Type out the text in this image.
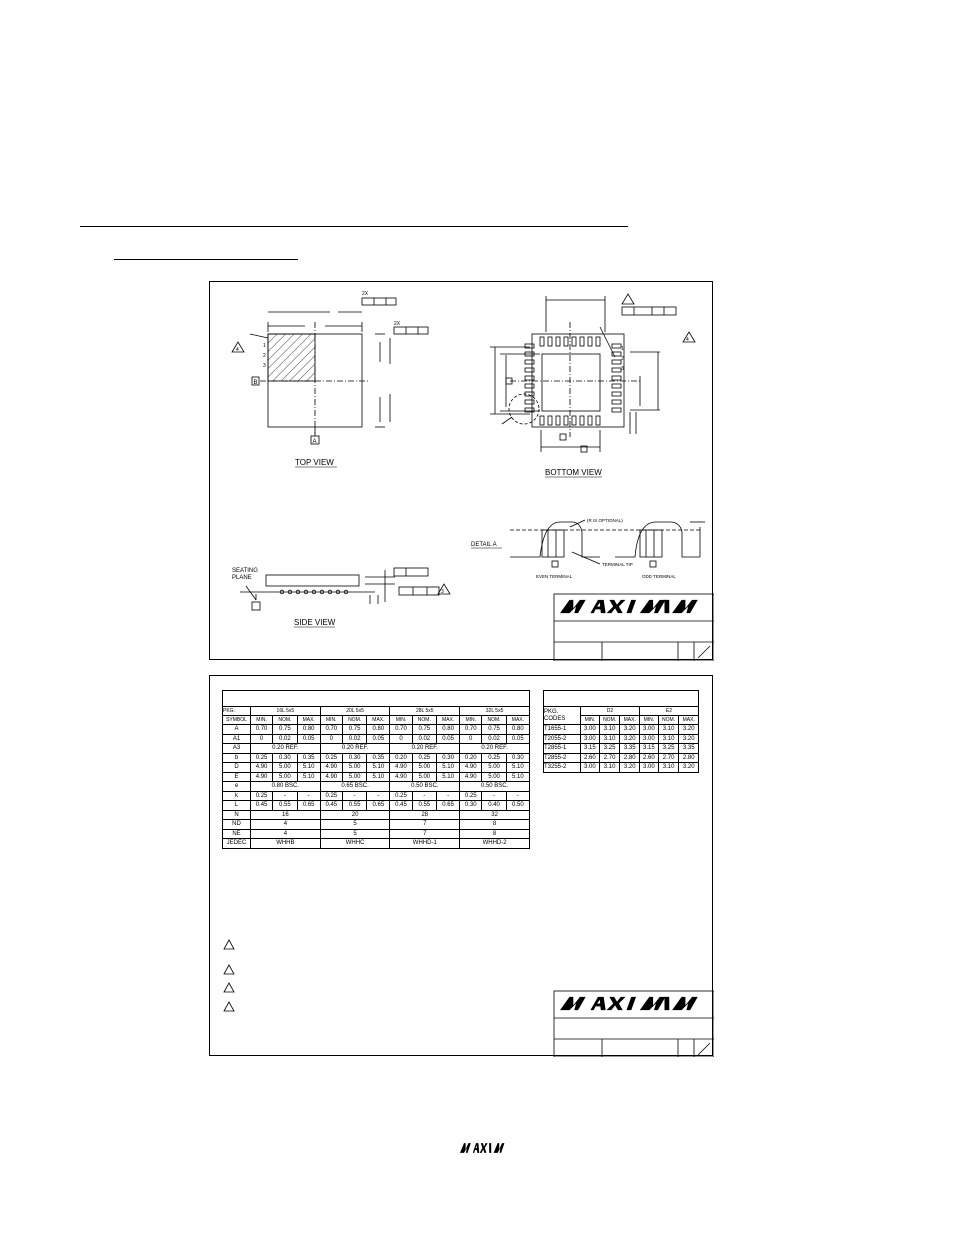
TOP VIEW
BOTTOM VIEW
SIDE VIEW
DETAIL A
SEATING
PLANE	EVEN TERMINAL	ODD TERMINAL
TERMINAL TIP
(R IS OPTIONAL)
2X
2X
1
2
3
4
4
3
B
A
1
2
3

PKG.	16L 5x5			20L 5x5			28L 5x5			32L 5x5		
SYMBOL	MIN.	NOM.	MAX.	MIN.	NOM.	MAX.	MIN.	NOM.	MAX.	MIN.	NOM.	MAX.
A	0.70	0.75	0.80	0.70	0.75	0.80	0.70	0.75	0.80	0.70	0.75	0.80
A1	0	0.02	0.05	0	0.02	0.05	0	0.02	0.05	0	0.02	0.05
A3	0.20 REF.			0.20 REF.			0.20 REF.			0.20 REF.		
b	0.25	0.30	0.35	0.25	0.30	0.35	0.20	0.25	0.30	0.20	0.25	0.30
D	4.90	5.00	5.10	4.90	5.00	5.10	4.90	5.00	5.10	4.90	5.00	5.10
E	4.90	5.00	5.10	4.90	5.00	5.10	4.90	5.00	5.10	4.90	5.00	5.10
e	0.80 BSC.			0.65 BSC.			0.50 BSC.			0.50 BSC.		
k	0.25	-	-	0.25	-	-	0.25	-	-	0.25	-	-
L	0.45	0.55	0.65	0.45	0.55	0.65	0.45	0.55	0.65	0.30	0.40	0.50
N	16			20			28			32		
ND	4			5			7			8		
NE	4			5			7			8		
JEDEC	WHHB			WHHC			WHHD-1			WHHD-2		

PKG.
CODES	D2			E2		
	MIN.	NOM.	MAX.	MIN.	NOM.	MAX.
T1655-1	3.00	3.10	3.20	3.00	3.10	3.20
T2055-2	3.00	3.10	3.20	3.00	3.10	3.20
T2855-1	3.15	3.25	3.35	3.15	3.25	3.35
T2855-2	2.60	2.70	2.80	2.60	2.70	2.80
T3255-2	3.00	3.10	3.20	3.00	3.10	3.20
